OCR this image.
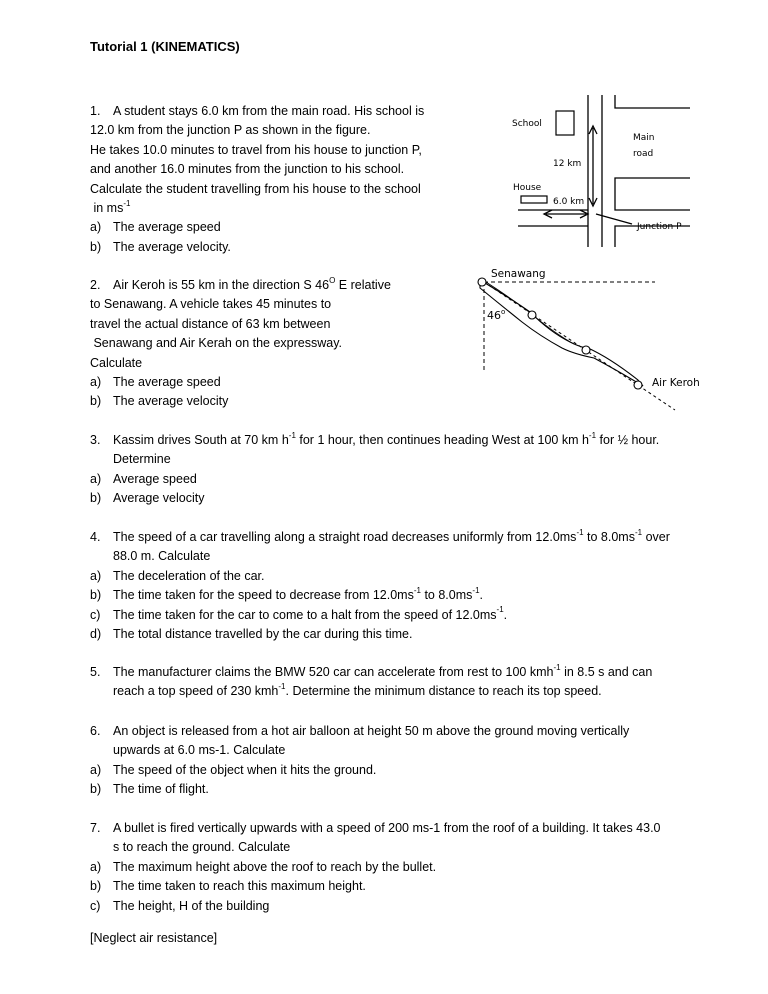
Tutorial 1 (KINEMATICS)
1. A student stays 6.0 km from the main road. His school is
12.0 km from the junction P as shown in the figure.
He takes 10.0 minutes to travel from his house to junction P,
and another 16.0 minutes from the junction to his school.
Calculate the student travelling from his house to the school
in $ms^{-1}$
a) The average speed
b) The average velocity.
School
Main
road
12 km
House
6.0 km
Junction P
2. Air Keroh is 55 km in the direction S $46^O$ E relative
to Senawang. A vehicle takes 45 minutes to
travel the actual distance of 63 km between
Senawang and Air Kerah on the expressway.
Calculate
a) The average speed
b) The average velocity
Senawang
46$^o$
Air Keroh
3. Kassim drives South at 70 km $h^{-1}$ for 1 hour, then continues heading West at 100 km $h^{-1}$ for ½ hour.
Determine
a) Average speed
b) Average velocity
4. The speed of a car travelling along a straight road decreases uniformly from $12.0ms^{-1}$ to $8.0ms^{-1}$ over
88.0 m. Calculate
a) The deceleration of the car.
b) The time taken for the speed to decrease from $12.0ms^{-1}$ to $8.0ms^{-1}$.
c) The time taken for the car to come to a halt from the speed of $12.0ms^{-1}$.
d) The total distance travelled by the car during this time.
5. The manufacturer claims the BMW 520 car can accelerate from rest to 100 kmh$^{-1}$ in 8.5 s and can
reach a top speed of 230 kmh$^{-1}$. Determine the minimum distance to reach its top speed.
6. An object is released from a hot air balloon at height 50 m above the ground moving vertically
upwards at 6.0 ms-1. Calculate
a) The speed of the object when it hits the ground.
b) The time of flight.
7. A bullet is fired vertically upwards with a speed of 200 ms-1 from the roof of a building. It takes 43.0
s to reach the ground. Calculate
a) The maximum height above the roof to reach by the bullet.
b) The time taken to reach this maximum height.
c) The height, H of the building
[Neglect air resistance]
